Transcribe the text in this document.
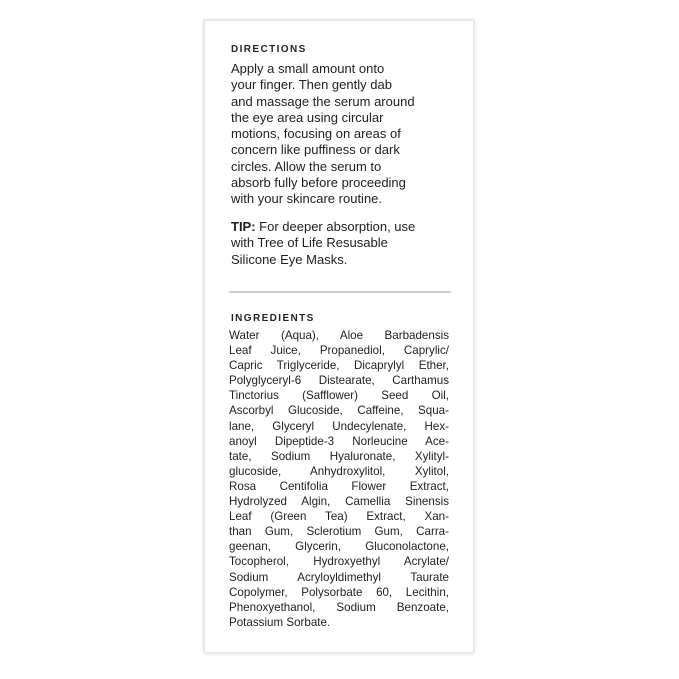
DIRECTIONS
Apply a small amount onto
your finger. Then gently dab
and massage the serum around
the eye area using circular
motions, focusing on areas of
concern like puffiness or dark
circles. Allow the serum to
absorb fully before proceeding
with your skincare routine.
TIP: For deeper absorption, use
with Tree of Life Resusable
Silicone Eye Masks.
INGREDIENTS
Water (Aqua), Aloe Barbadensis
Leaf Juice, Propanediol, Caprylic/
Capric Triglyceride, Dicaprylyl Ether,
Polyglyceryl-6 Distearate, Carthamus
Tinctorius (Safflower) Seed Oil,
Ascorbyl Glucoside, Caffeine, Squa-
lane, Glyceryl Undecylenate, Hex-
anoyl Dipeptide-3 Norleucine Ace-
tate, Sodium Hyaluronate, Xylityl-
glucoside, Anhydroxylitol, Xylitol,
Rosa Centifolia Flower Extract,
Hydrolyzed Algin, Camellia Sinensis
Leaf (Green Tea) Extract, Xan-
than Gum, Sclerotium Gum, Carra-
geenan, Glycerin, Gluconolactone,
Tocopherol, Hydroxyethyl Acrylate/
Sodium Acryloyldimethyl Taurate
Copolymer, Polysorbate 60, Lecithin,
Phenoxyethanol, Sodium Benzoate,
Potassium Sorbate.
